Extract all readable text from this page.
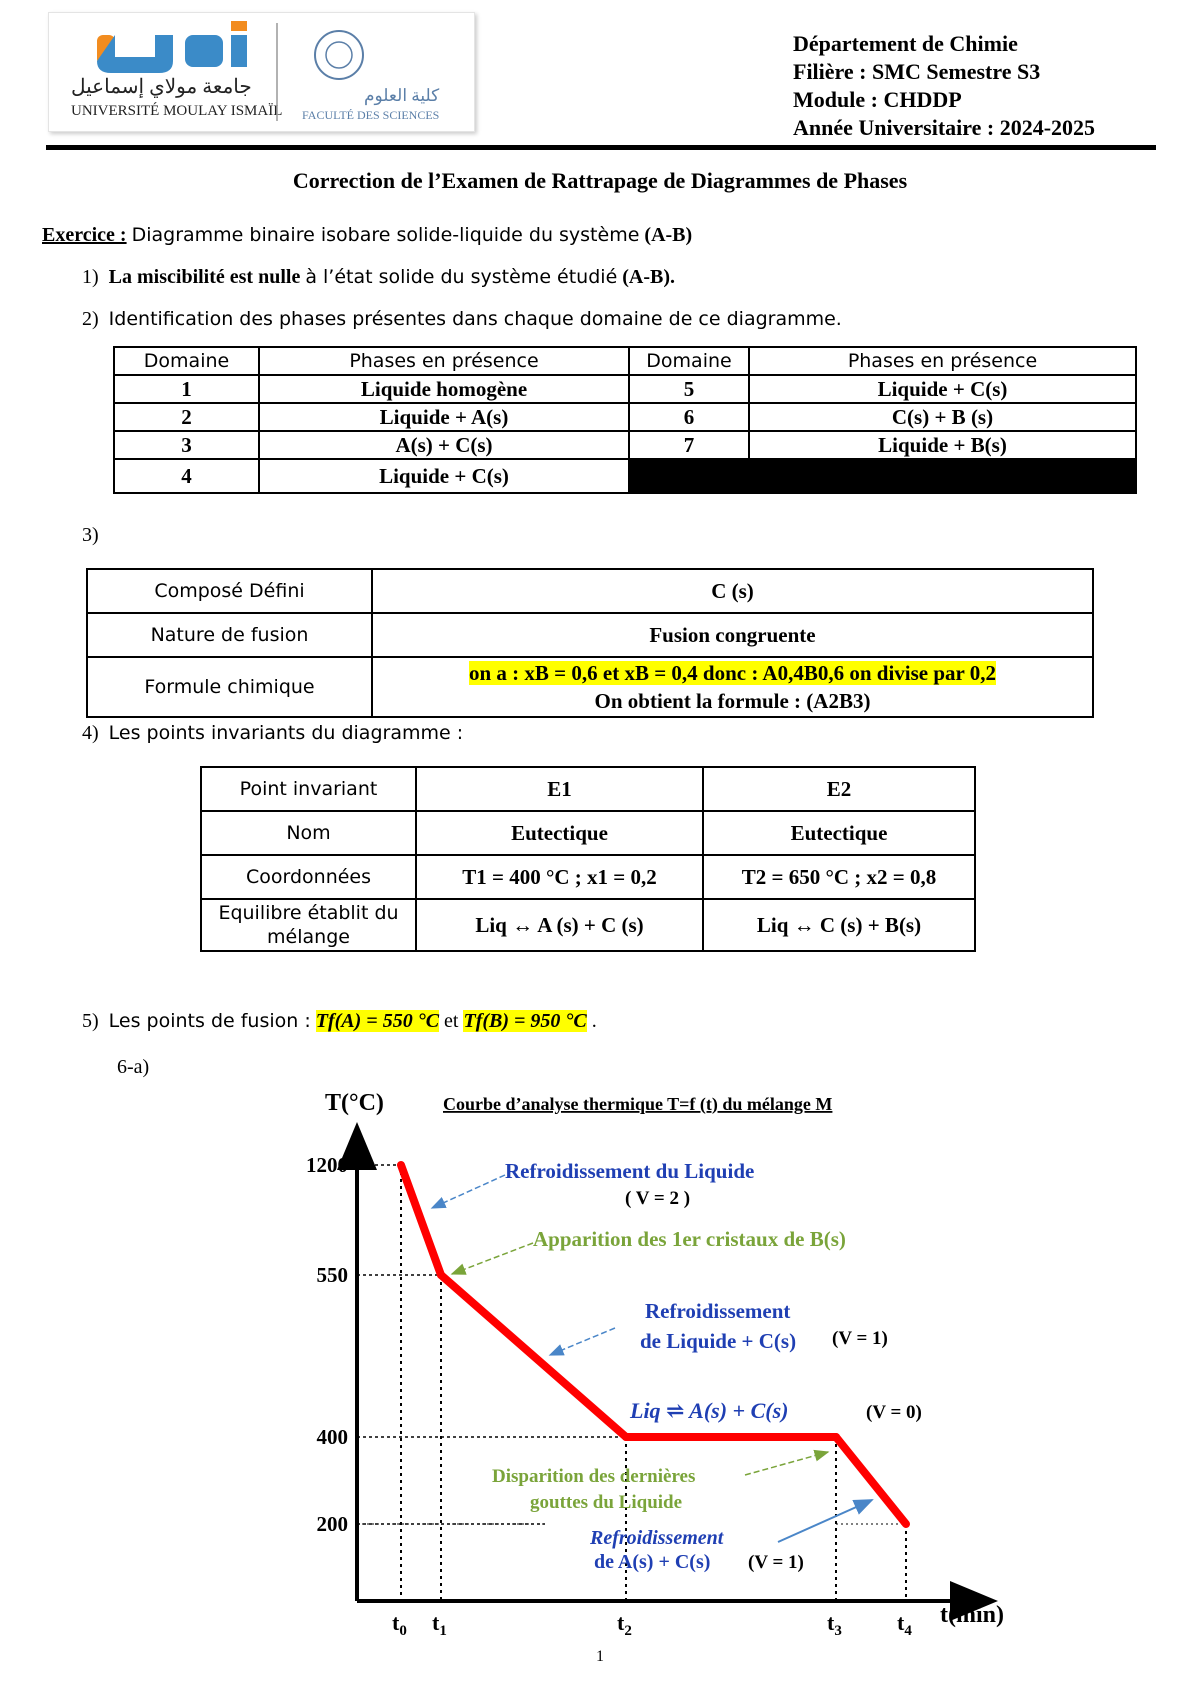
جامعة مولاي إسماعيل
UNIVERSITÉ MOULAY ISMAÏL
كلية العلوم
FACULTÉ DES SCIENCES
Département de Chimie
Filière : SMC Semestre S3
Module : CHDDP
Année Universitaire : 2024-2025
Correction de l’Examen de Rattrapage de Diagrammes de Phases
Exercice : Diagramme binaire isobare solide-liquide du système (A-B)
1) La miscibilité est nulle à l’état solide du système étudié (A-B).
2) Identification des phases présentes dans chaque domaine de ce diagramme.
Domaine	Phases en présence	Domaine	Phases en présence
1	Liquide homogène	5	Liquide + C(s)
2	Liquide + A(s)	6	C(s) + B (s)
3	A(s) + C(s)	7	Liquide + B(s)
4	Liquide + C(s)		
3)
Composé Défini	C (s)
Nature de fusion	Fusion congruente
Formule chimique	on a : xB = 0,6 et xB = 0,4 donc : A0,4B0,6 on divise par 0,2
On obtient la formule : (A2B3)
4) Les points invariants du diagramme :
Point invariant	E1	E2
Nom	Eutectique	Eutectique
Coordonnées	T1 = 400 °C ; x1 = 0,2	T2 = 650 °C ; x2 = 0,8
Equilibre établit du mélange	Liq ↔ A (s) + C (s)	Liq ↔ C (s) + B(s)
5) Les points de fusion : Tf(A) = 550 °C et Tf(B) = 950 °C .
6-a)
T(°C)
t(min)
Courbe d’analyse thermique T=f (t) du mélange M
1200
550
400
200
$t_0$ $t_1$	$t_2$	$t_3$	$t_4$
Refroidissement du Liquide
( V = 2 )
Apparition des 1er cristaux de B(s)
Refroidissement
de Liquide + C(s) (V = 1)
Liq ⇌ A(s) + C(s)	(V = 0)
Disparition des dernières
gouttes du Liquide
Refroidissement
de A(s) + C(s) (V = 1)
1
